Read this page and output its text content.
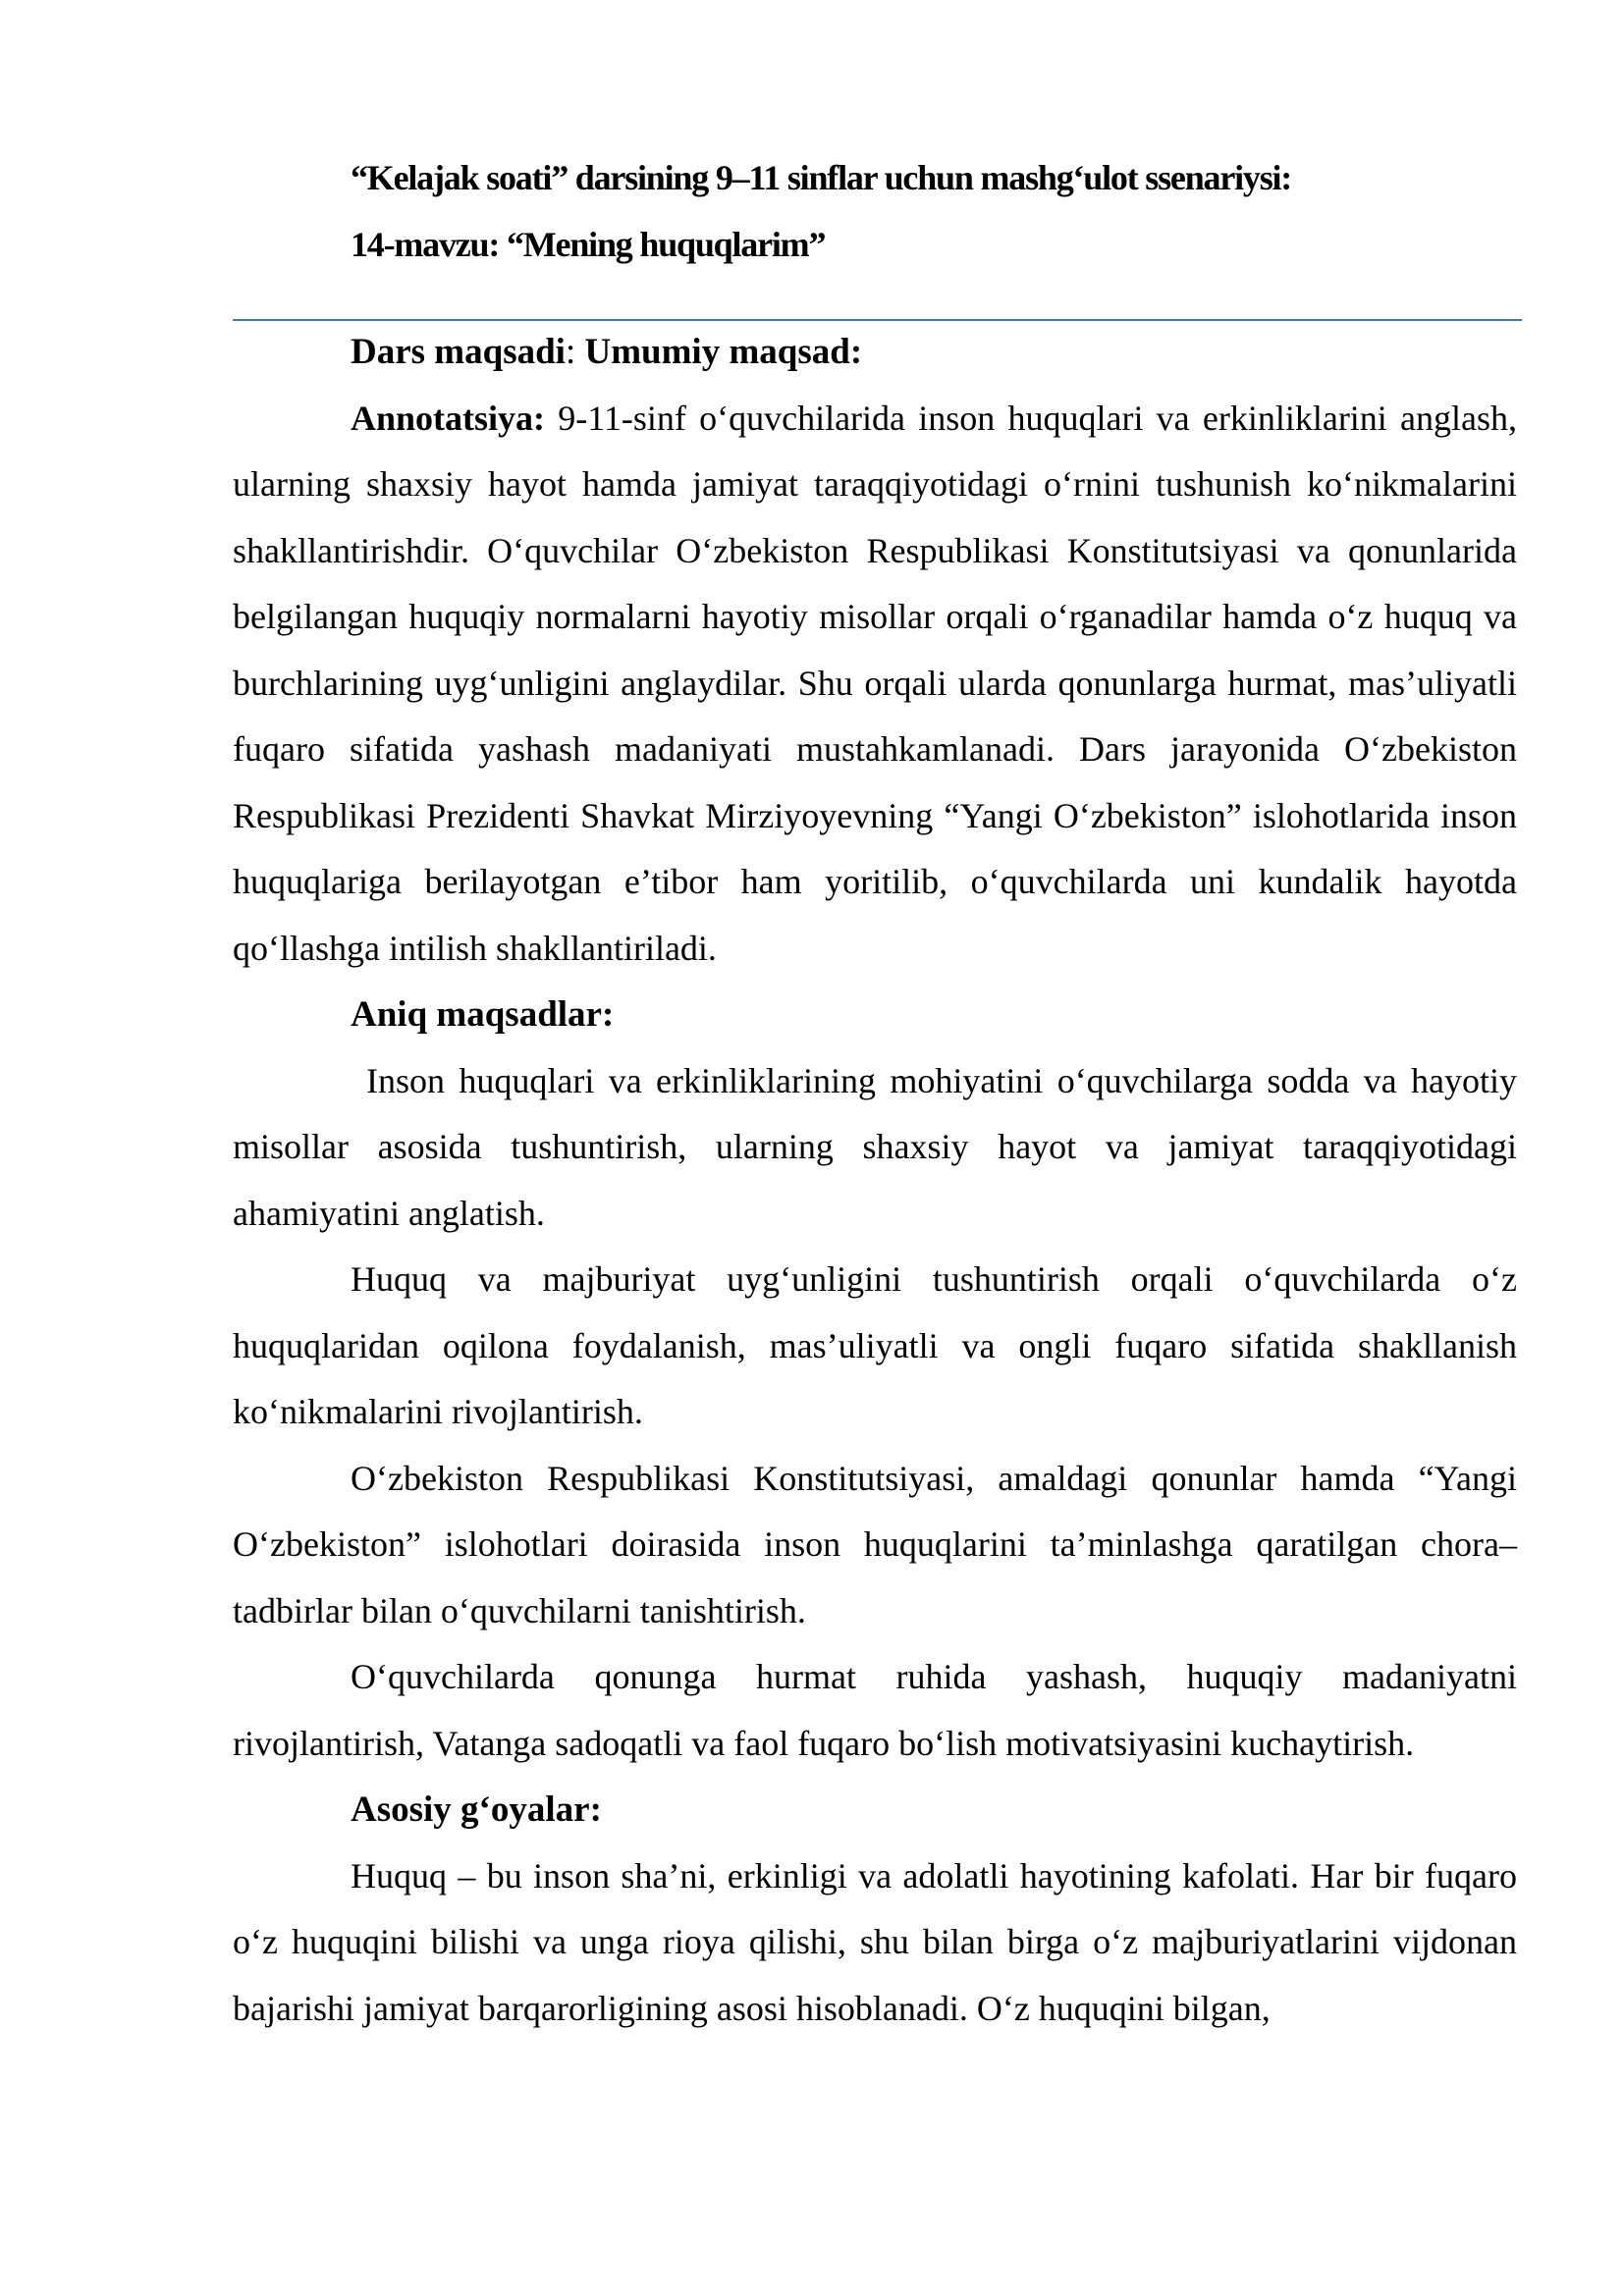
“Kelajak soati” darsining 9–11 sinflar uchun mashg‘ulot ssenariysi:
14-mavzu: “Mening huquqlarim”

Dars maqsadi: Umumiy maqsad:

Annotatsiya: 9-11-sinf o‘quvchilarida inson huquqlari va erkinliklarini anglash, ularning shaxsiy hayot hamda jamiyat taraqqiyotidagi o‘rnini tushunish ko‘nikmalarini shakllantirishdir. O‘quvchilar O‘zbekiston Respublikasi Konstitutsiyasi va qonunlarida belgilangan huquqiy normalarni hayotiy misollar orqali o‘rganadilar hamda o‘z huquq va burchlarining uyg‘unligini anglaydilar. Shu orqali ularda qonunlarga hurmat, mas’uliyatli fuqaro sifatida yashash madaniyati mustahkamlanadi. Dars jarayonida O‘zbekiston Respublikasi Prezidenti Shavkat Mirziyoyevning “Yangi O‘zbekiston” islohotlarida inson huquqlariga berilayotgan e’tibor ham yoritilib, o‘quvchilarda uni kundalik hayotda qo‘llashga intilish shakllantiriladi.

Aniq maqsadlar:

Inson huquqlari va erkinliklarining mohiyatini o‘quvchilarga sodda va hayotiy misollar asosida tushuntirish, ularning shaxsiy hayot va jamiyat taraqqiyotidagi ahamiyatini anglatish.

Huquq va majburiyat uyg‘unligini tushuntirish orqali o‘quvchilarda o‘z huquqlaridan oqilona foydalanish, mas’uliyatli va ongli fuqaro sifatida shakllanish ko‘nikmalarini rivojlantirish.

O‘zbekiston Respublikasi Konstitutsiyasi, amaldagi qonunlar hamda “Yangi O‘zbekiston” islohotlari doirasida inson huquqlarini ta’minlashga qaratilgan chora–tadbirlar bilan o‘quvchilarni tanishtirish.

O‘quvchilarda qonunga hurmat ruhida yashash, huquqiy madaniyatni rivojlantirish, Vatanga sadoqatli va faol fuqaro bo‘lish motivatsiyasini kuchaytirish.

Asosiy g‘oyalar:

Huquq – bu inson sha’ni, erkinligi va adolatli hayotining kafolati. Har bir fuqaro o‘z huquqini bilishi va unga rioya qilishi, shu bilan birga o‘z majburiyatlarini vijdonan bajarishi jamiyat barqarorligining asosi hisoblanadi. O‘z huquqini bilgan,
